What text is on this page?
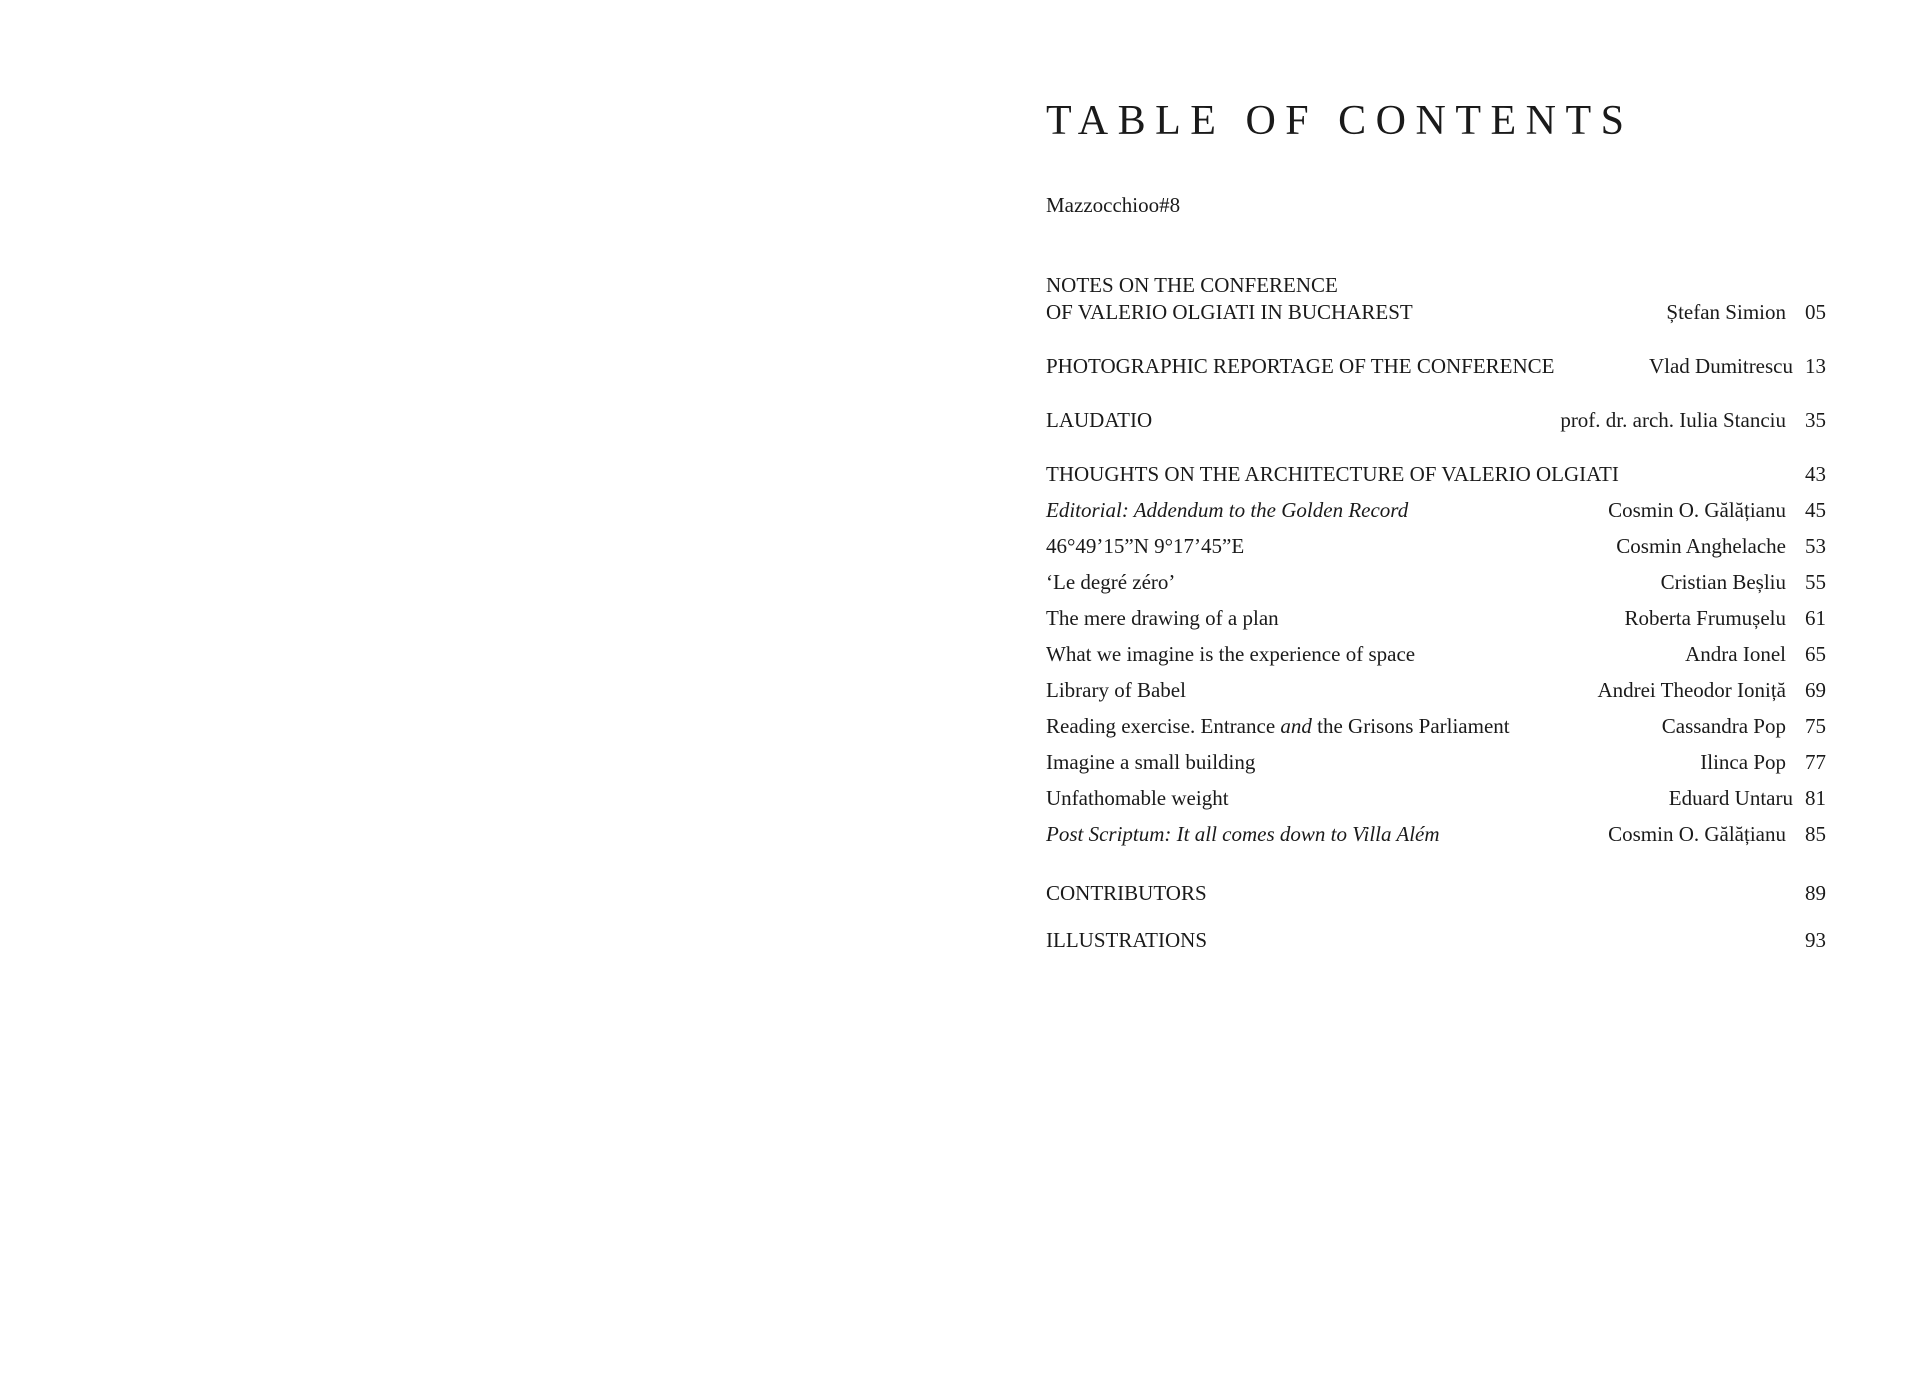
TABLE OF CONTENTS
Mazzocchioo#8
NOTES ON THE CONFERENCE
OF VALERIO OLGIATI IN BUCHAREST	Ștefan Simion 05
PHOTOGRAPHIC REPORTAGE OF THE CONFERENCE	Vlad Dumitrescu 13
LAUDATIO	prof. dr. arch. Iulia Stanciu 35
THOUGHTS ON THE ARCHITECTURE OF VALERIO OLGIATI	43
Editorial: Addendum to the Golden Record	Cosmin O. Gălățianu 45
46°49’15”N 9°17’45”E	Cosmin Anghelache 53
‘Le degré zéro’	Cristian Beșliu 55
The mere drawing of a plan	Roberta Frumușelu 61
What we imagine is the experience of space	Andra Ionel 65
Library of Babel	Andrei Theodor Ioniță 69
Reading exercise. Entrance and the Grisons Parliament	Cassandra Pop 75
Imagine a small building	Ilinca Pop 77
Unfathomable weight	Eduard Untaru 81
Post Scriptum: It all comes down to Villa Além	Cosmin O. Gălățianu 85
CONTRIBUTORS	89
ILLUSTRATIONS	93
